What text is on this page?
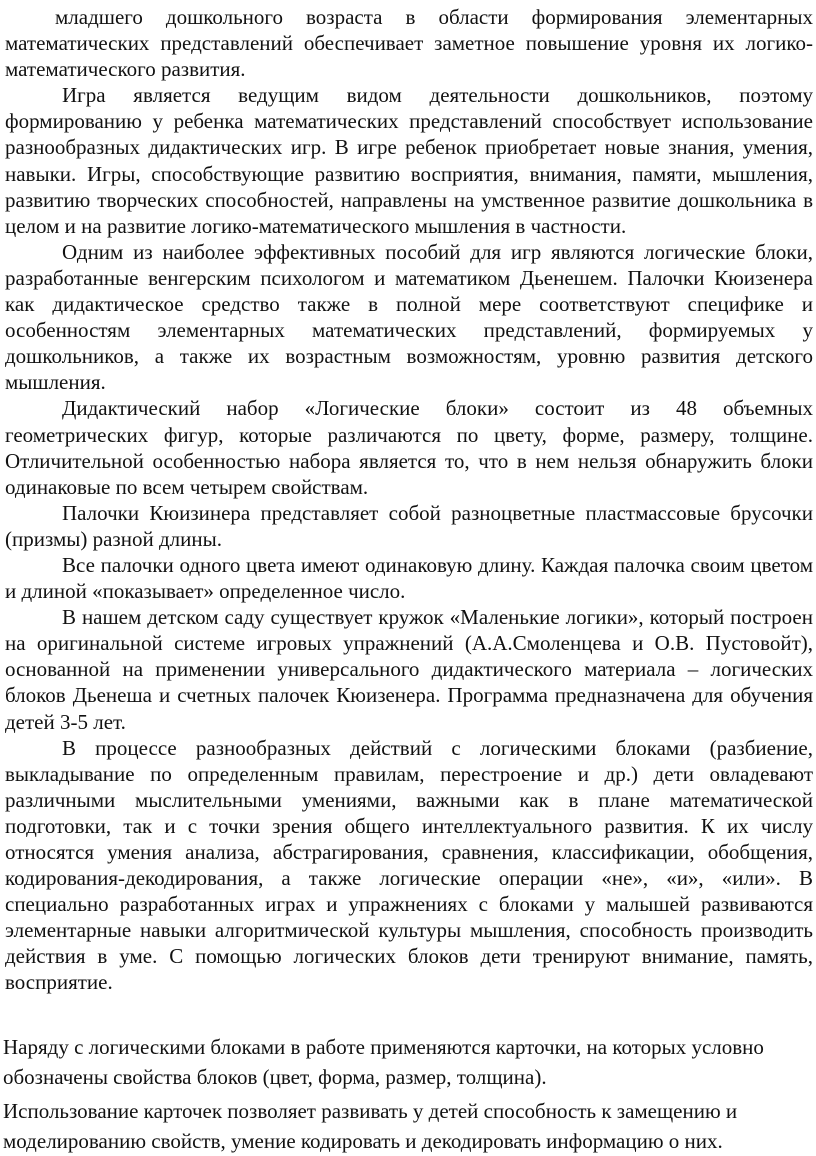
младшего дошкольного возраста в области формирования элементарных математических представлений обеспечивает заметное повышение уровня их логико-математического развития.

Игра является ведущим видом деятельности дошкольников, поэтому формированию у ребенка математических представлений способствует использование разнообразных дидактических игр. В игре ребенок приобретает новые знания, умения, навыки. Игры, способствующие развитию восприятия, внимания, памяти, мышления, развитию творческих способностей, направлены на умственное развитие дошкольника в целом и на развитие логико-математического мышления в частности.

Одним из наиболее эффективных пособий для игр являются логические блоки, разработанные венгерским психологом и математиком Дьенешем. Палочки Кюизенера как дидактическое средство также в полной мере соответствуют специфике и особенностям элементарных математических представлений, формируемых у дошкольников, а также их возрастным возможностям, уровню развития детского мышления.

Дидактический набор «Логические блоки» состоит из 48 объемных геометрических фигур, которые различаются по цвету, форме, размеру, толщине. Отличительной особенностью набора является то, что в нем нельзя обнаружить блоки одинаковые по всем четырем свойствам.

Палочки Кюизинера представляет собой разноцветные пластмассовые брусочки (призмы) разной длины.

Все палочки одного цвета имеют одинаковую длину. Каждая палочка своим цветом и длиной «показывает» определенное число.

В нашем детском саду существует кружок «Маленькие логики», который построен на оригинальной системе игровых упражнений (А.А.Смоленцева и О.В. Пустовойт), основанной на применении универсального дидактического материала – логических блоков Дьенеша и счетных палочек Кюизенера. Программа предназначена для обучения детей 3-5 лет.

В процессе разнообразных действий с логическими блоками (разбиение, выкладывание по определенным правилам, перестроение и др.) дети овладевают различными мыслительными умениями, важными как в плане математической подготовки, так и с точки зрения общего интеллектуального развития. К их числу относятся умения анализа, абстрагирования, сравнения, классификации, обобщения, кодирования-декодирования, а также логические операции «не», «и», «или». В специально разработанных играх и упражнениях с блоками у малышей развиваются элементарные навыки алгоритмической культуры мышления, способность производить действия в уме. С помощью логических блоков дети тренируют внимание, память, восприятие.

Наряду с логическими блоками в работе применяются карточки, на которых условно обозначены свойства блоков (цвет, форма, размер, толщина).

Использование карточек позволяет развивать у детей способность к замещению и моделированию свойств, умение кодировать и декодировать информацию о них.
